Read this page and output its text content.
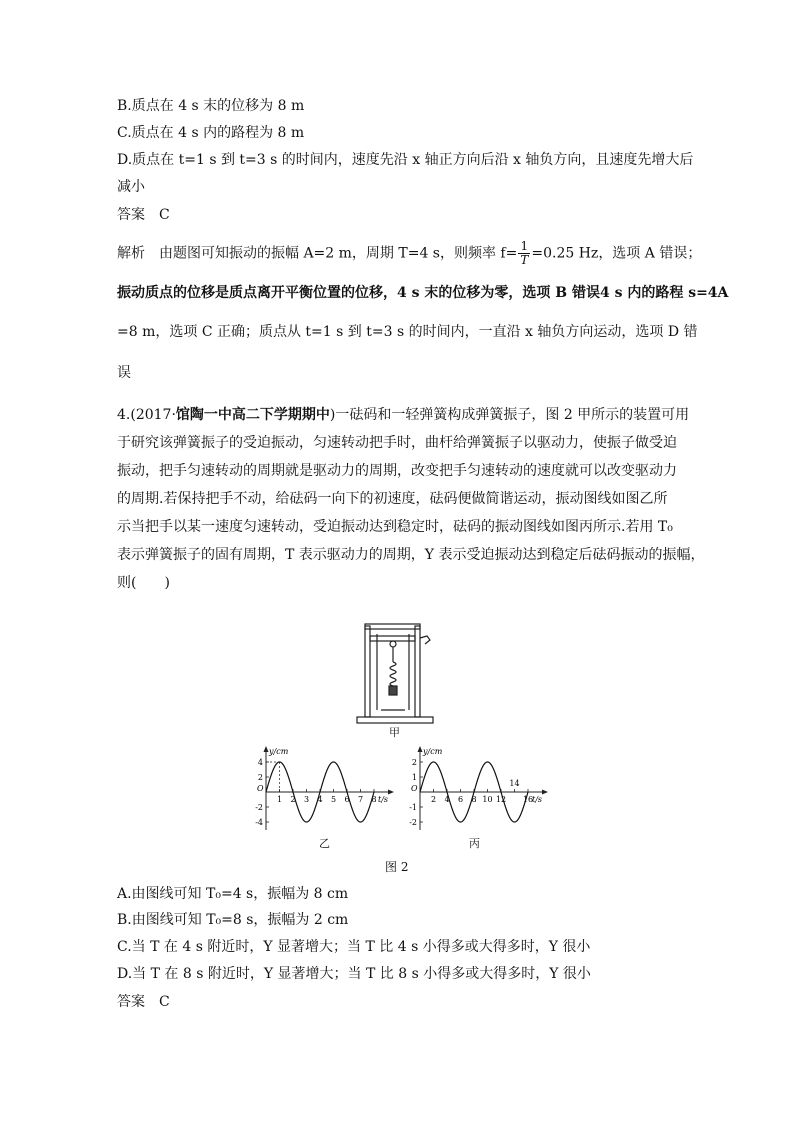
B.质点在 4 s 末的位移为 8 m
C.质点在 4 s 内的路程为 8 m
D.质点在 t=1 s 到 t=3 s 的时间内，速度先沿 x 轴正方向后沿 x 轴负方向，且速度先增大后
减小
答案 C
解析　由题图可知振动的振幅 A=2 m，周期 T=4 s，则频率 $f= \frac{1}{T} =0.25$ Hz，选项 A 错误；
振动质点的位移是质点离开平衡位置的位移，4 s 末的位移为零，选项 B 错误4 s 内的路程 s=4A
=8 m，选项 C 正确；质点从 t=1 s 到 t=3 s 的时间内，一直沿 x 轴负方向运动，选项 D 错
误
4.(2017·馆陶一中高二下学期期中)一砝码和一轻弹簧构成弹簧振子，图 2 甲所示的装置可用
于研究该弹簧振子的受迫振动，匀速转动把手时，曲杆给弹簧振子以驱动力，使振子做受迫
振动，把手匀速转动的周期就是驱动力的周期，改变把手匀速转动的速度就可以改变驱动力
的周期.若保持把手不动，给砝码一向下的初速度，砝码便做简谐运动，振动图线如图乙所
示当把手以某一速度匀速转动，受迫振动达到稳定时，砝码的振动图线如图丙所示.若用 T₀
表示弹簧振子的固有周期，T 表示驱动力的周期，Y 表示受迫振动达到稳定后砝码振动的振幅，
则(　　)
甲
y/cm
t/s
O
4
2
-2
-4
1 2 3 4 5 6 7 8
y/cm
t/s
O
2
1
-1
-2
2 4 6 8 10 12
14
16
乙	丙
图 2
A.由图线可知 T₀=4 s，振幅为 8 cm
B.由图线可知 T₀=8 s，振幅为 2 cm
C.当 T 在 4 s 附近时，Y 显著增大；当 T 比 4 s 小得多或大得多时，Y 很小
D.当 T 在 8 s 附近时，Y 显著增大；当 T 比 8 s 小得多或大得多时，Y 很小
答案 C
